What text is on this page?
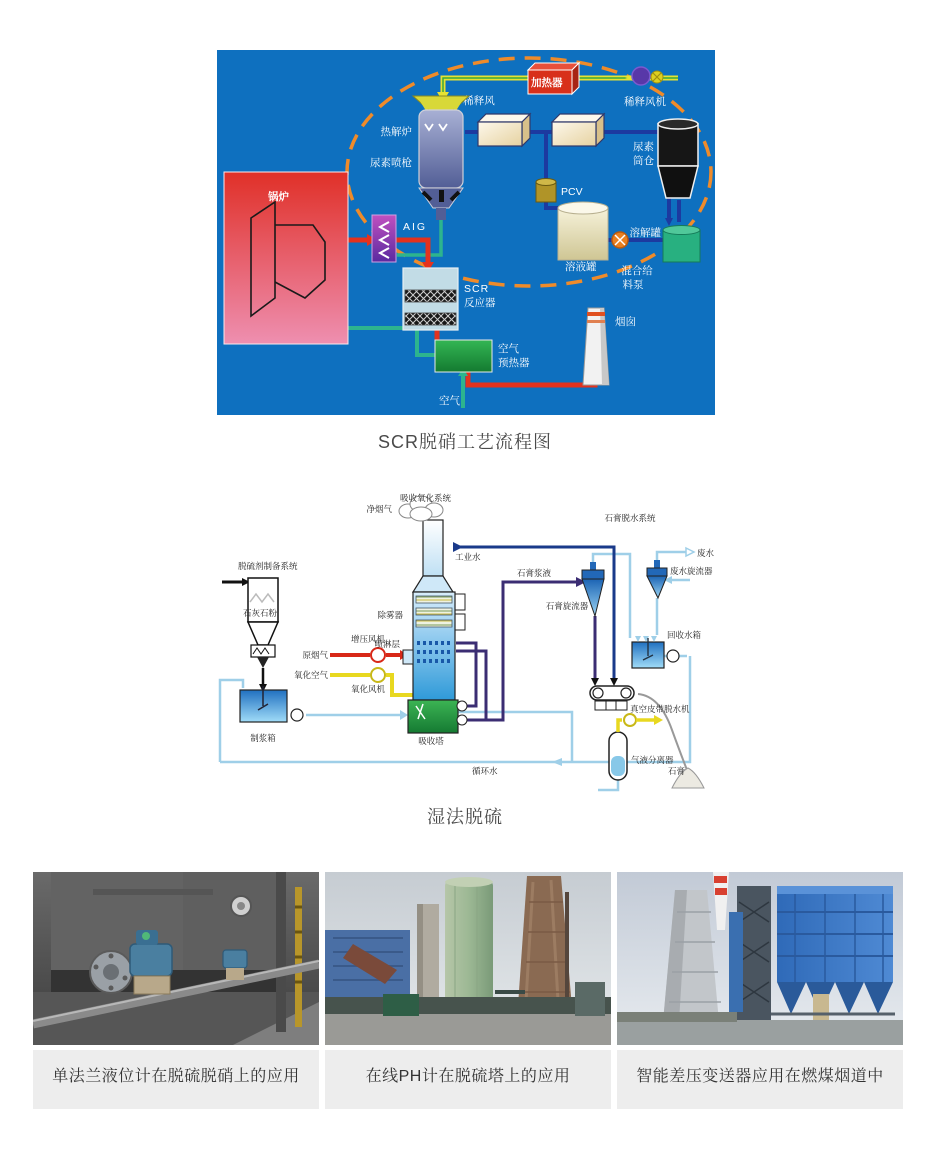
锅炉
加热器
稀释风机
稀释风
热解炉
尿素喷枪
PCV
尿素
筒仓
溶液罐
溶解罐
混合给
料泵
AIG
SCR
反应器
空气
预热器
空气
烟囱
SCR脱硝工艺流程图
石灰石粉
吸收氧化系统
净烟气
工业水
石膏浆液
石膏脱水系统
废水
废水旋流器
石膏旋流器
回收水箱
除雾器
喷淋层
增压风机
原烟气
氧化空气
氧化风机
脱硫剂制备系统
制浆箱	吸收塔
循环水
真空皮带脱水机
气液分离器
石膏
湿法脱硫
单法兰液位计在脱硫脱硝上的应用	在线PH计在脱硫塔上的应用	智能差压变送器应用在燃煤烟道中
